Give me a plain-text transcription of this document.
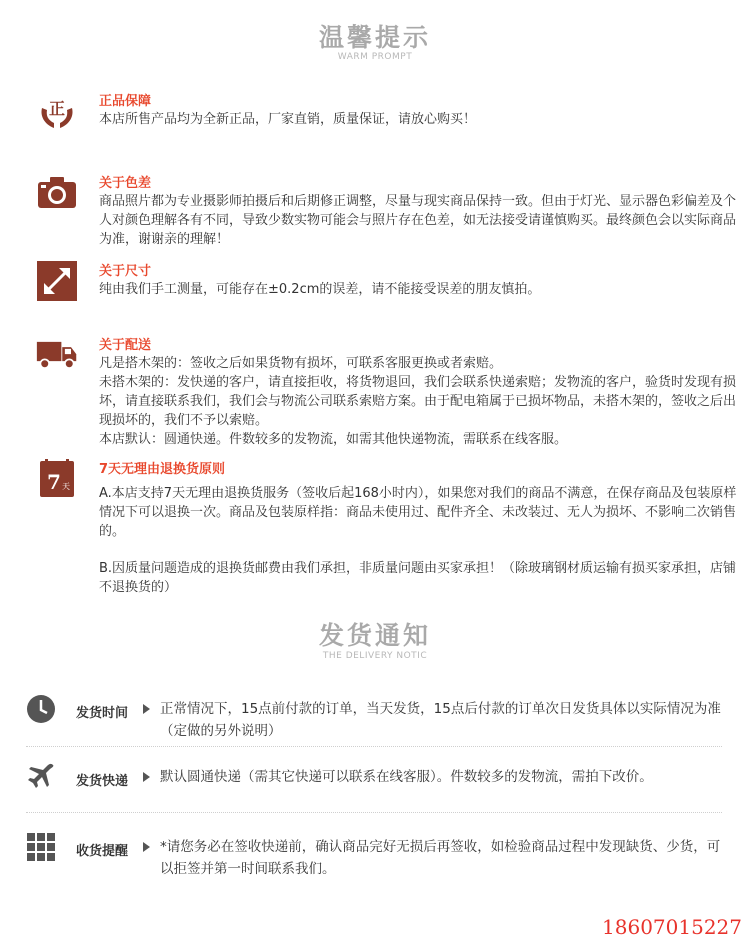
温馨提示
WARM PROMPT
正	正品保障

本店所售产品均为全新正品，厂家直销，质量保证，请放心购买！

关于色差

商品照片都为专业摄影师拍摄后和后期修正调整，尽量与现实商品保持一致。但由于灯光、显示器色彩偏差及个人对颜色理解各有不同，导致少数实物可能会与照片存在色差，如无法接受请谨慎购买。最终颜色会以实际商品为准，谢谢亲的理解！

关于尺寸

纯由我们手工测量，可能存在±0.2cm的误差，请不能接受误差的朋友慎拍。

关于配送

凡是搭木架的：签收之后如果货物有损坏，可联系客服更换或者索赔。

未搭木架的：发快递的客户，请直接拒收，将货物退回，我们会联系快递索赔；发物流的客户，验货时发现有损坏，请直接联系我们，我们会与物流公司联系索赔方案。由于配电箱属于已损坏物品，未搭木架的，签收之后出现损坏的，我们不予以索赔。

本店默认：圆通快递。件数较多的发物流，如需其他快递物流，需联系在线客服。

7 天
7天无理由退换货原则

A.本店支持7天无理由退换货服务（签收后起168小时内），如果您对我们的商品不满意，在保存商品及包装原样情况下可以退换一次。商品及包装原样指：商品未使用过、配件齐全、未改装过、无人为损坏、不影响二次销售的。

B.因质量问题造成的退换货邮费由我们承担，非质量问题由买家承担！（除玻璃钢材质运输有损买家承担，店铺不退换货的）

发货通知
THE DELIVERY NOTIC
发货时间 正常情况下，15点前付款的订单，当天发货，15点后付款的订单次日发货具体以实际情况为准（定做的另外说明）
发货快递 默认圆通快递（需其它快递可以联系在线客服）。件数较多的发物流，需拍下改价。
收货提醒 *请您务必在签收快递前，确认商品完好无损后再签收，如检验商品过程中发现缺货、少货，可以拒签并第一时间联系我们。
18607015227
